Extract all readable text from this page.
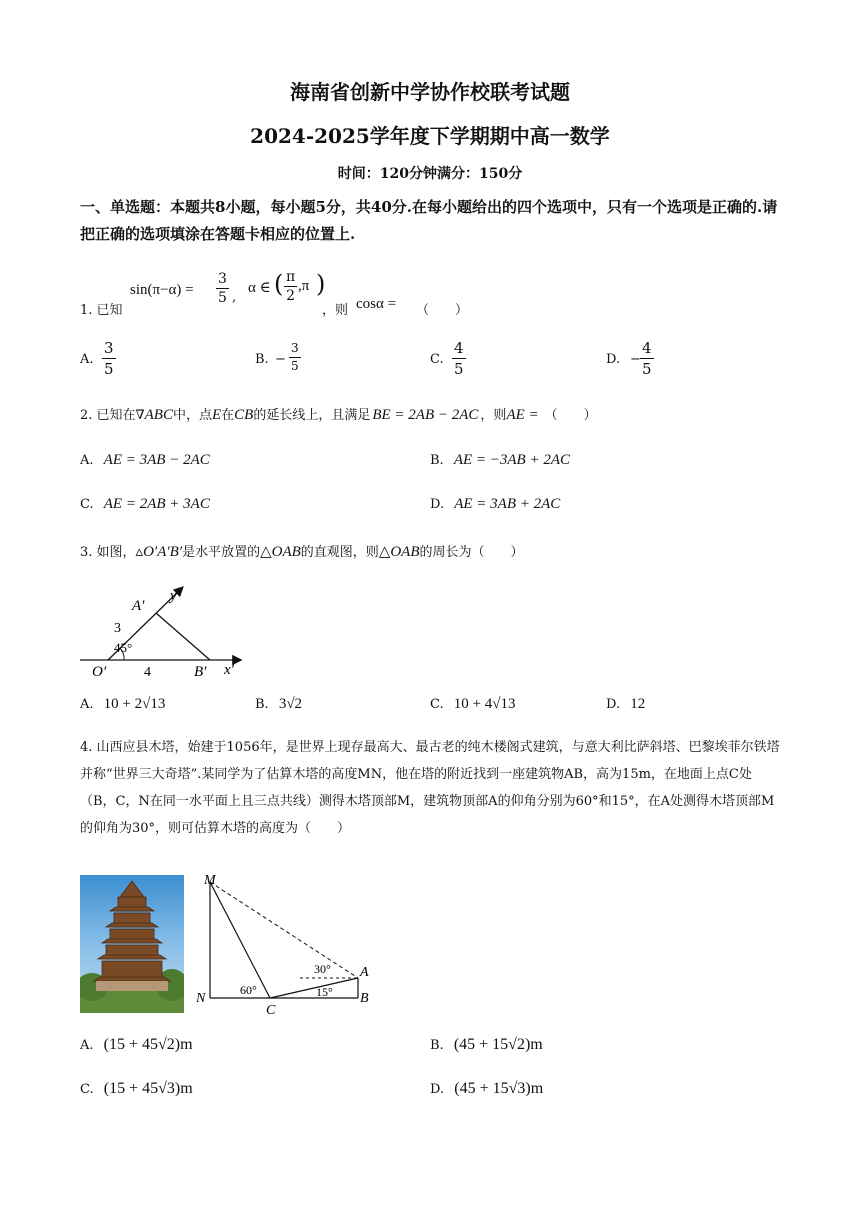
海南省创新中学协作校联考试题
2024-2025学年度下学期期中高一数学
时间：120分钟满分：150分
一、单选题：本题共8小题，每小题5分，共40分.在每小题给出的四个选项中，只有一个选项是正确的.请把正确的选项填涂在答题卡相应的位置上.
1. 已知
$\sin(\pi-\alpha) = \frac{3}{5}$ ,
α ∈ ( $\frac{\pi}{2} ,\pi$ )
，则 cosα = （　　）
A. $\frac{3}{5}$	B. − $\frac{3}{5}$	C. $\frac{4}{5}$	D. − $\frac{4}{5}$
2. 已知在∇ABC中，点E在CB的延长线上，且满足 BE = 2AB − 2AC ，则AE = （　　）
A. AE = 3AB − 2AC	B. AE = −3AB + 2AC
C. AE = 2AB + 3AC	D. AE = 3AB + 2AC
3. 如图，▵O′A′B′是水平放置的△OAB的直观图，则△OAB的周长为（　　）
A′
y′
3
45°
O′	4	B′ x′
A. 10 + 2√13	B. 3√2	C. 10 + 4√13	D. 12
4. 山西应县木塔，始建于1056年，是世界上现存最高大、最古老的纯木楼阁式建筑，与意大利比萨斜塔、巴黎埃菲尔铁塔并称“世界三大奇塔”.某同学为了估算木塔的高度MN，他在塔的附近找到一座建筑物AB，高为15m，在地面上点C处（B，C，N在同一水平面上且三点共线）测得木塔顶部M，建筑物顶部A的仰角分别为60°和15°，在A处测得木塔顶部M的仰角为30°，则可估算木塔的高度为（　　）
M
N
C
A
B
60°	15°
30°
A. (15 + 45√2)m	B. (45 + 15√2)m
C. (15 + 45√3)m	D. (45 + 15√3)m
